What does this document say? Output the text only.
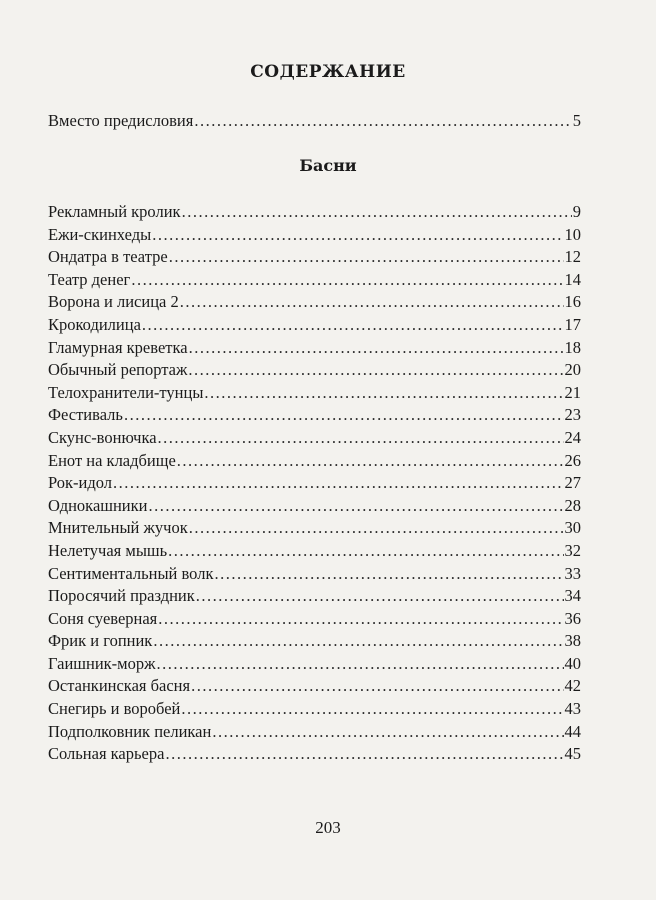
СОДЕРЖАНИЕ
Вместо предисловия .....	5
Басни
Рекламный кролик .....	9
Ежи-скинхеды .....	10
Ондатра в театре .....	12
Театр денег .....	14
Ворона и лисица 2 .....	16
Крокодилица .....	17
Гламурная креветка .....	18
Обычный репортаж .....	20
Телохранители-тунцы .....	21
Фестиваль .....	23
Скунс-вонючка .....	24
Енот на кладбище .....	26
Рок-идол .....	27
Однокашники .....	28
Мнительный жучок .....	30
Нелетучая мышь .....	32
Сентиментальный волк .....	33
Поросячий праздник .....	34
Соня суеверная .....	36
Фрик и гопник .....	38
Гаишник-морж .....	40
Останкинская басня .....	42
Снегирь и воробей .....	43
Подполковник пеликан .....	44
Сольная карьера .....	45
203
